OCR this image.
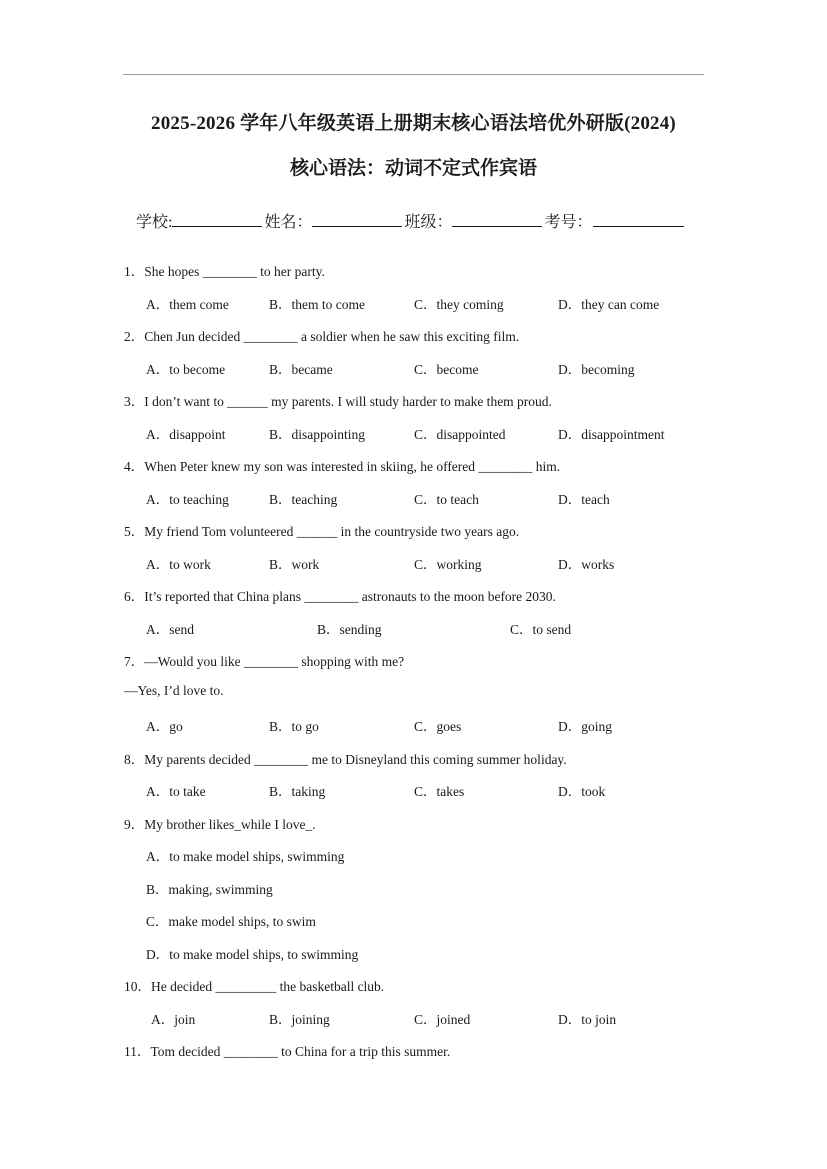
2025-2026 学年八年级英语上册期末核心语法培优外研版(2024)
核心语法：动词不定式作宾语
学校:	姓名：	班级：	考号：
1．She hopes ________ to her party.
A．them come	B．them to come	C．they coming	D．they can come
2．Chen Jun decided ________ a soldier when he saw this exciting film.
A．to become	B．became	C．become	D．becoming
3．I don’t want to ______ my parents. I will study harder to make them proud.
A．disappoint	B．disappointing	C．disappointed	D．disappointment
4．When Peter knew my son was interested in skiing, he offered ________ him.
A．to teaching	B．teaching	C．to teach	D．teach
5．My friend Tom volunteered ______ in the countryside two years ago.
A．to work	B．work	C．working	D．works
6．It’s reported that China plans ________ astronauts to the moon before 2030.
A．send	B．sending	C．to send
7．—Would you like ________ shopping with me?
—Yes, I’d love to.
A．go	B．to go	C．goes	D．going
8．My parents decided ________ me to Disneyland this coming summer holiday.
A．to take	B．taking	C．takes	D．took
9．My brother likes_while I love_.
A．to make model ships, swimming
B．making, swimming
C．make model ships, to swim
D．to make model ships, to swimming
10．He decided _________ the basketball club.
A．join	B．joining	C．joined	D．to join
11．Tom decided ________ to China for a trip this summer.
